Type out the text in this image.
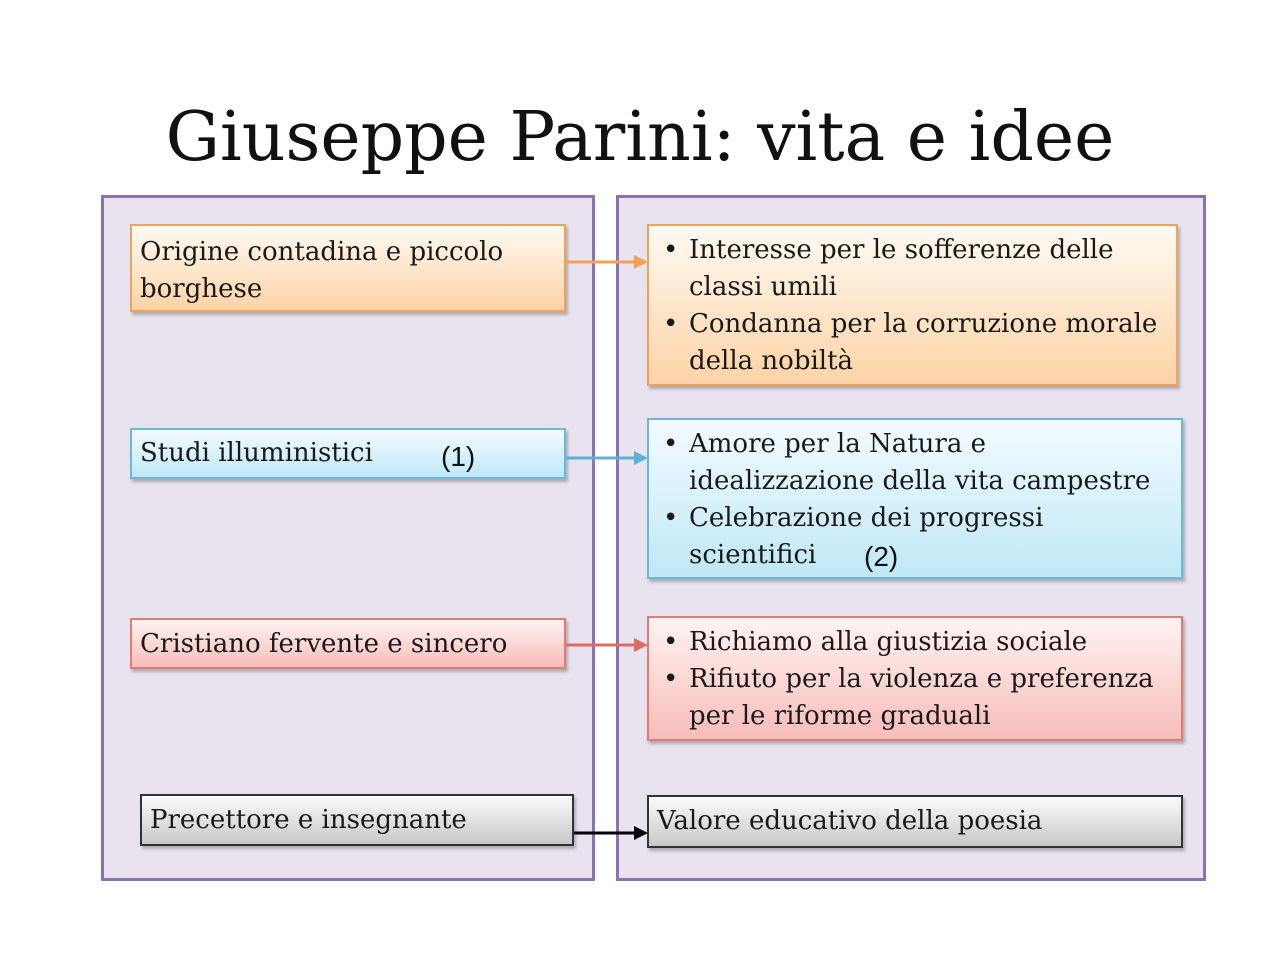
Giuseppe Parini: vita e idee
Origine contadina e piccolo borghese
Studi illuministici
Cristiano fervente e sincero
Precettore e insegnante
• Interesse per le sofferenze delle classi umili
• Condanna per la corruzione morale della nobiltà
• Amore per la Natura e idealizzazione della vita campestre
• Celebrazione dei progressi scientifici
• Richiamo alla giustizia sociale
• Rifiuto per la violenza e preferenza per le riforme graduali
Valore educativo della poesia
(1)
(2)
